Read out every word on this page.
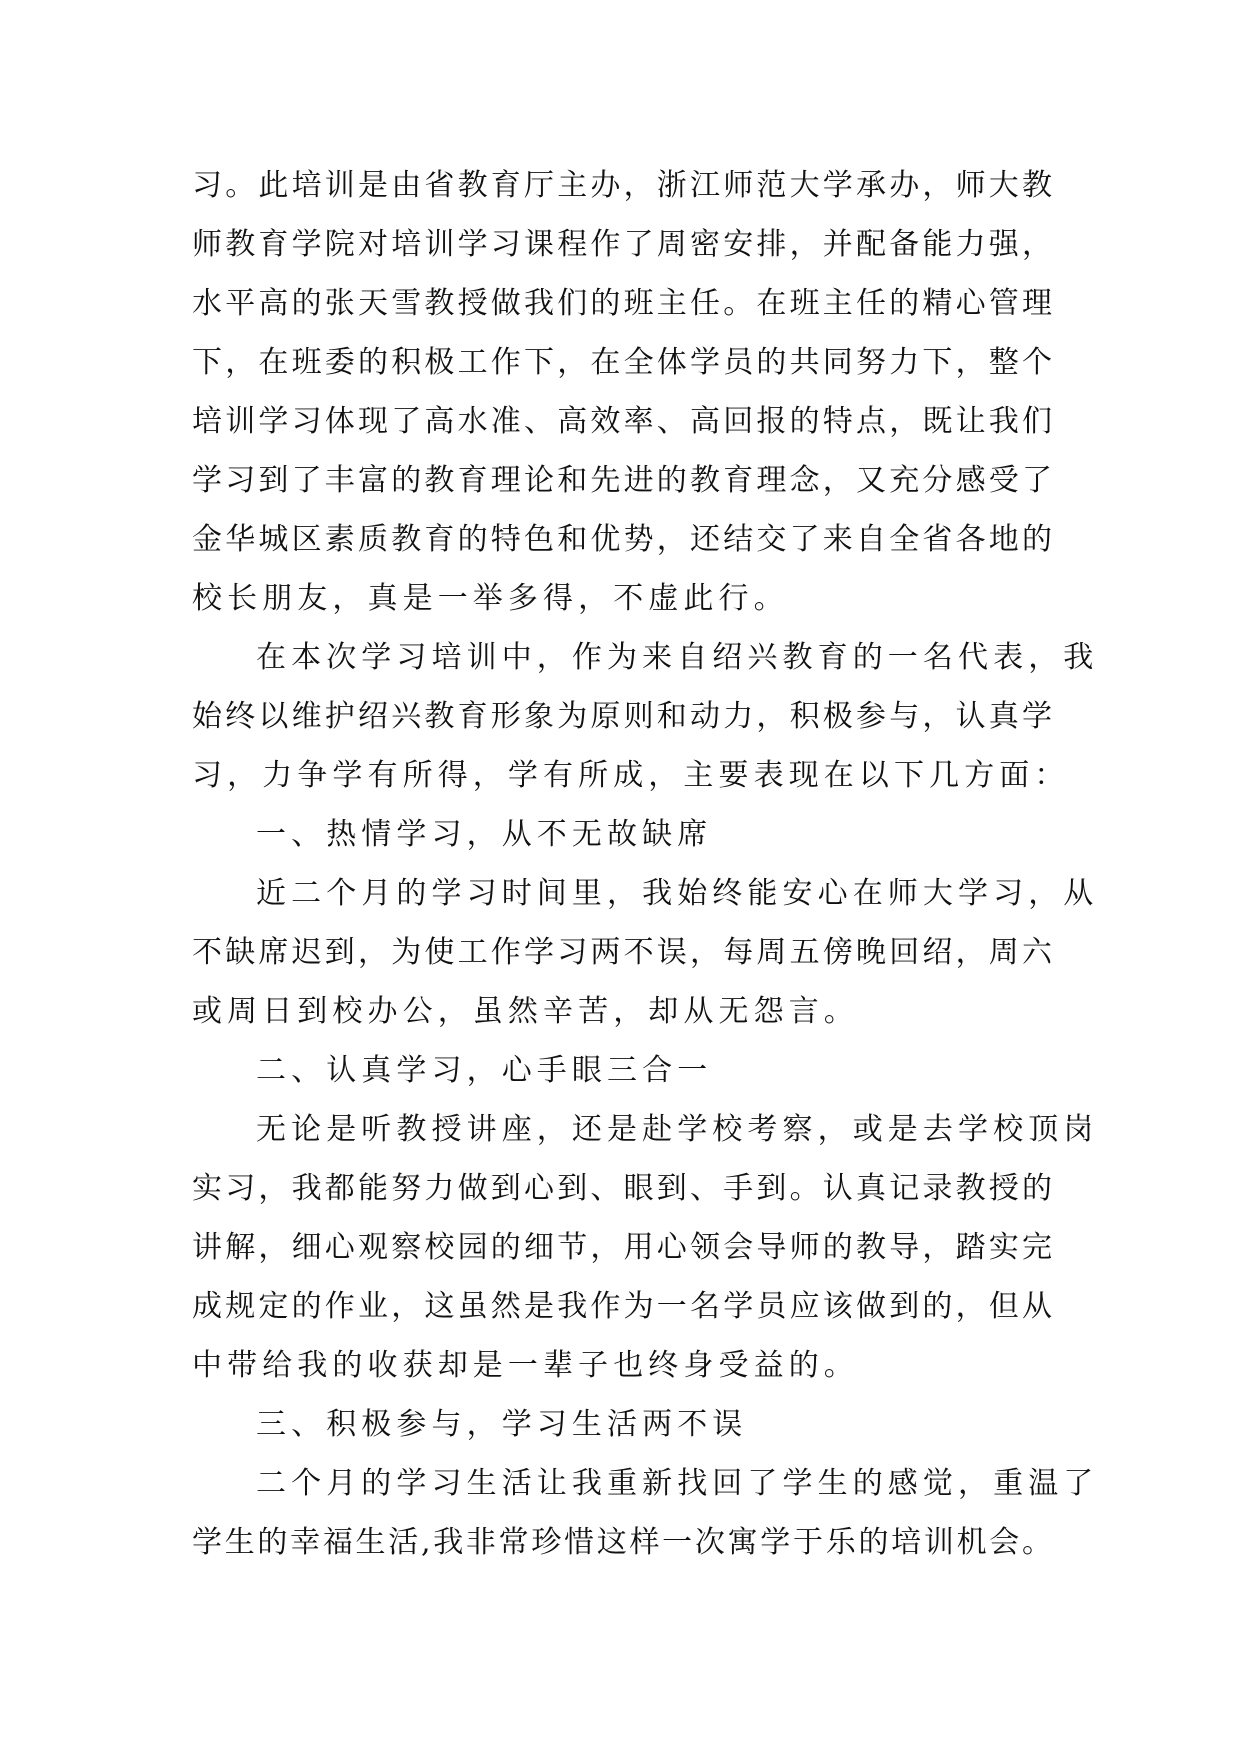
习。此培训是由省教育厅主办，浙江师范大学承办，师大教
师教育学院对培训学习课程作了周密安排，并配备能力强，
水平高的张天雪教授做我们的班主任。在班主任的精心管理
下，在班委的积极工作下，在全体学员的共同努力下，整个
培训学习体现了高水准、高效率、高回报的特点，既让我们
学习到了丰富的教育理论和先进的教育理念，又充分感受了
金华城区素质教育的特色和优势，还结交了来自全省各地的
校长朋友，真是一举多得，不虚此行。
在本次学习培训中，作为来自绍兴教育的一名代表，我
始终以维护绍兴教育形象为原则和动力，积极参与，认真学
习，力争学有所得，学有所成，主要表现在以下几方面：
一、热情学习，从不无故缺席
近二个月的学习时间里，我始终能安心在师大学习，从
不缺席迟到，为使工作学习两不误，每周五傍晚回绍，周六
或周日到校办公，虽然辛苦，却从无怨言。
二、认真学习，心手眼三合一
无论是听教授讲座，还是赴学校考察，或是去学校顶岗
实习，我都能努力做到心到、眼到、手到。认真记录教授的
讲解，细心观察校园的细节，用心领会导师的教导，踏实完
成规定的作业，这虽然是我作为一名学员应该做到的，但从
中带给我的收获却是一辈子也终身受益的。
三、积极参与，学习生活两不误
二个月的学习生活让我重新找回了学生的感觉，重温了
学生的幸福生活,我非常珍惜这样一次寓学于乐的培训机会。
